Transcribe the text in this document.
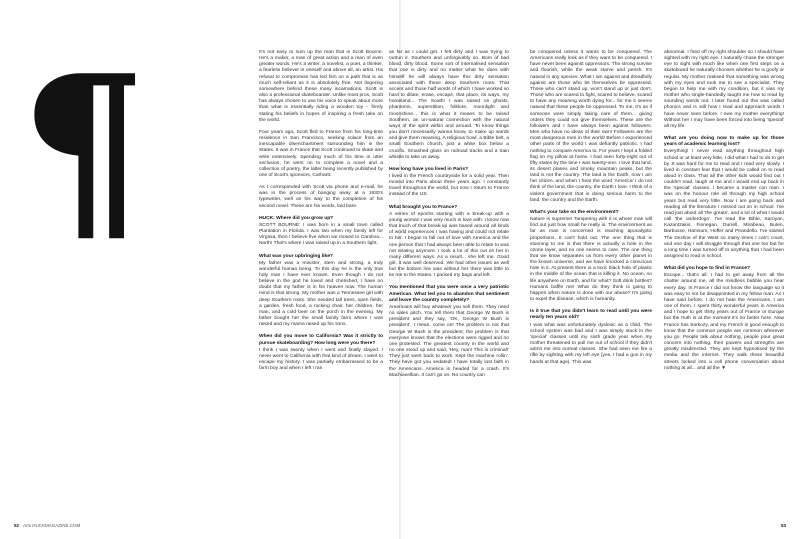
¶	It's not easy to sum up the man that is Scott Bourne. He's a maker, a man of great action and a man of even greater words. He's a writer, a novelist, a poet, a thinker, a fearless believer in oneself and above all, an artist. His refusal to compromise has led him on a path that is as much self-reliant as it is absolutely free. Not lingering somewhere behind these many incarnations, Scott is also a professional skateboarder. Unlike most pros, Scott has always chosen to use his voice to speak about more than what is essentially riding a wooden toy – firmly stating his beliefs in hopes of inspiring a fresh take on the world.

Four years ago, Scott fled to France from his long-time residence in San Francisco, seeking solace from an inescapable disenchantment surrounding him in the States. It was in France that Scott continued to skate and write extensively. Spending much of his time in utter seclusion, he went on to complete a novel and a collection of poetry, the latter being recently published by one of Scott's sponsors, Carhartt.

As I corresponded with Scott via phone and e-mail, he was in the process of banging away at a 1930's typewriter, well on his way to the completion of his second novel. These are his words, laid bare.

HUCK: Where did you grow up?

SCOTT BOURNE: I was born in a small town called Plantation in Florida. I was two when my family left for Virginia, then I believe five when we moved to Carolina... North! That's where I was raised up in a Southern light.

What was your upbringing like?

My father was a minister, stern and strong, a truly wonderful human being. To this day he is the only true holy man I have ever known. Even though I do not believe in the god he loved and cherished, I have no doubt that my father is in his heaven now. The human mind is that strong. My mother was a Tennessee girl with deep Southern roots. She needed tall trees, open fields, a garden, fresh food, a rocking chair, her children, her man, and a cold beer on the porch in the evening. My father bought her the small family farm where I was raised and my mama raised up his sons.

When did you move to California? Was it strictly to pursue skateboarding? How long were you there?

I think I was twenty when I went and finally stayed. I never went to California with that kind of dream. I went to escape my history. I was partially embarrassed to be a farm boy and when I left I ran

as far as I could get. I felt dirty and I was trying to outrun it. Southern and unforgivably so. Born of bad blood, dirty blood. Some sort of internalised sensation that one is dirty and no matter what he does with himself he will always have this dirty sensation associated with these deep Southern roots. That accent and those half words of which I have worked so hard to dilute, erase, escape, that place, its ways, my homeland... The South! I was raised on ghosts, phantoms, superstition, folklore, moonlight and moonshine... this is what it means to be raised Southern, an un-natural connection with the natural ways of the spirit within and around. To know things you don't necessarily wanna know, to make up words and give them meaning. A religious howl, a Bible belt, a small Southern church, just a white box below a crucifix. Smashed glass on railroad tracks and a train whistle to take us away.

How long have you lived in Paris?

I lived in the French countryside for a solid year. Then moved into Paris about three years ago. I constantly travel throughout the world, but now I return to France instead of the US.

What brought you to France?

A series of epochs starting with a break-up with a young woman I was very much in love with. I know now that much of that break-up was based around all kinds of world experiences I was having and could not relate to her. I began to fall out of love with America and the one person that I had always been able to relate to was not relating anymore. I took a lot of this out on her in many different ways. As a result... she left me. Good girl, it was well deserved. We had other issues as well but the bottom line was without her there was little to tie me to the States. I packed my bags and left.

You mentioned that you were once a very patriotic American. What led you to abandon that sentiment and leave the country completely?

Americans will buy whatever you sell them. They need no sales pitch. You tell them that George W Bush is president and they say, 'OK, George W Bush is president'. I mean, come on! The problem is not that George W Bush is the president; the problem is that everyone knows that the elections were rigged and no one protested. The greatest country in the world and no one stood up and said, 'Hey, man! This is criminal!' They just went back to work. Kept the machine rollin'. They have got you sedated! I have totally lost faith in the Americans. America is headed for a crash. It's Machiavellian. It can't go on. No country can

be conquered unless it wants to be conquered. The Americans really look as if they want to be conquered. I have never been against oppressors. The strong survive and flourish, while the weak starve and perish. It's natural in any species. What I am against and dreadfully against are those who let themselves be oppressed. Those who can't stand up, won't stand up or just don't. Those who are scared to fight, scared to believe, scared to have any meaning worth dying for... for me it seems natural that these people be oppressed. To me, it's as if someone were simply taking care of them... giving orders they could not give themselves. These are the followers and I have always been against followers. Men who have no ideas of their own! Followers are the most dangerous men in the world! Before I experienced other parts of the world I was defiantly patriotic. I had nothing to compare America to. For years I kept a folded flag on my pillow at home. I had seen forty-eight out of fifty states by the time I was twenty-one. I love that land, its desert planes and smoky mountain peaks, but the land is not the country. The land is the Earth, now I am her citizen, and when I hear the word 'America' I do not think of the land, the country, the Earth I love. I think of a violent government that is doing serious harm to the land, the country and the Earth.

What's your take on the environment?

Nature is supreme! Tampering with it is where man will find out just how small he really is. The environment as far as man is concerned is reaching apocalyptic proportions. It can't hold out. The one thing that is stunning to me is that there is actually a hole in the ozone layer, and no one seems to care. The one thing that we know separates us from every other planet in the known universe, and we have knocked a conscious hole in it. At present there is a toxic black hole of plastic in the middle of the ocean that is killing it. No ocean, no life anywhere on Earth, and for what? Soft drink bottles? Humans baffle me! What do they think is going to happen when nature is done with our abuse? It's going to expel the disease, which is humanity.

Is it true that you didn't learn to read until you were nearly ten years old?

I was what was unfortunately dyslexic as a child. The school system was bad and I was simply stuck in the 'special' classes until my sixth grade year when my mother threatened to pull me out of school if they didn't admit me into normal classes. She had seen me fire a rifle by sighting with my left eye (yes, I had a gun in my hands at that age). This was

abnormal. I fired off my right shoulder so I should have sighted with my right eye. I naturally chose the stronger eye to sight with much like when one first steps on a skateboard he naturally chooses whether he is goofy or regular. My mother realised that something was wrong with my eyes and took me to see a specialist. They began to help me with my condition, but it was my mother who single-handedly taught me how to read by sounding words out. I later found out this was called phonics and is still how I read and approach words I have never seen before. I owe my mother everything! Without her I may have been forced into being 'special' all my life.

What are you doing now to make up for those years of academic learning lost?

Everything! I never read anything throughout high school or at least very little. I did what I had to do to get by. It was hard for me to read and I read very slowly. I lived in constant fear that I would be called on to read aloud in class. That all the other kids would find out I couldn't read, laugh at me and I would end up back in the 'special' classes. I became a master con man. I was on the honour role all through my high school years but read very little. Now I am going back and reading all the literature I missed out on in school. I've read just about all 'the greats', and a lot of what I would call 'the underdogs'. I've read the Bible, Saroyan, Kazantzakis, Finnegan, Durrell, Mirabeau, Buten, Barbusse, Hamsum, Hoffer and Pirandello. I've started The Decline of the West so many times I can't count, and one day I will struggle through that one too but for a long time I was turned off to anything that I had been assigned to read in school.

What did you hope to find in France?

Escape... that's all. I had to get away from all the chatter around me, all the mindless babble you hear every day. In France I did not know the language so it was easy to not be disappointed in my fellow man. As I have said before, I do not hate the Americans, I am one of them. I spent thirty wonderful years in America and I hope to get thirty years out of France or Europe but the truth is at the moment it's no better here. Now France has Sarkozy, and my French is good enough to know that the common people are common wherever you go. People talk about nothing, people pour great concern into nothing, their powers and strengths are greatly misdirected. They are kept hypnotised by the media and the internet. They walk these beautiful streets locked into a cell phone conversation about nothing at all... and all the ▼

52 Arts HUCKMAGAZINE.COM	53
